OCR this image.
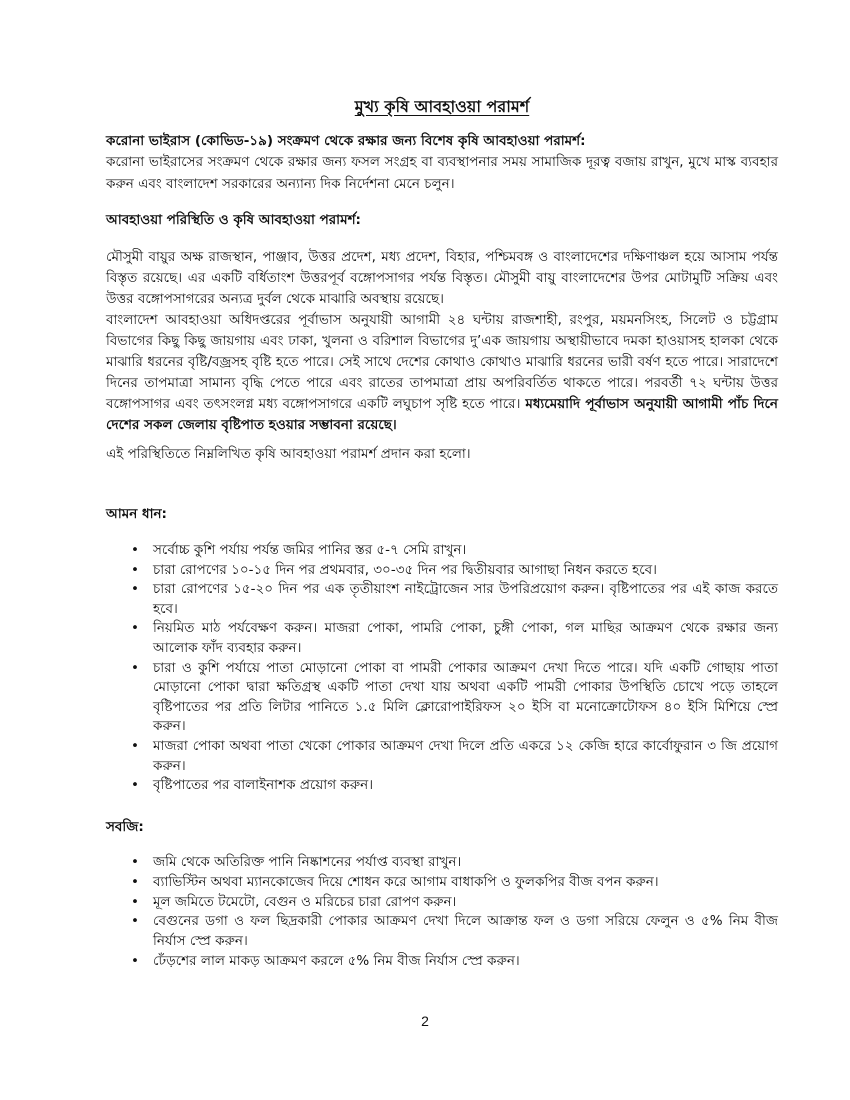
মুখ্য কৃষি আবহাওয়া পরামর্শ
করোনা ভাইরাস (কোভিড-১৯) সংক্রমণ থেকে রক্ষার জন্য বিশেষ কৃষি আবহাওয়া পরামর্শ:
করোনা ভাইরাসের সংক্রমণ থেকে রক্ষার জন্য ফসল সংগ্রহ বা ব্যবস্থাপনার সময় সামাজিক দূরত্ব বজায় রাখুন, মুখে মাস্ক ব্যবহার করুন এবং বাংলাদেশ সরকারের অন্যান্য দিক নির্দেশনা মেনে চলুন।
আবহাওয়া পরিস্থিতি ও কৃষি আবহাওয়া পরামর্শ:

মৌসুমী বায়ুর অক্ষ রাজস্থান, পাঞ্জাব, উত্তর প্রদেশ, মধ্য প্রদেশ, বিহার, পশ্চিমবঙ্গ ও বাংলাদেশের দক্ষিণাঞ্চল হয়ে আসাম পর্যন্ত বিস্তৃত রয়েছে। এর একটি বর্ধিতাংশ উত্তরপূর্ব বঙ্গোপসাগর পর্যন্ত বিস্তৃত। মৌসুমী বায়ু বাংলাদেশের উপর মোটামুটি সক্রিয় এবং উত্তর বঙ্গোপসাগরের অন্যত্র দুর্বল থেকে মাঝারি অবস্থায় রয়েছে।

বাংলাদেশ আবহাওয়া অধিদপ্তরের পূর্বাভাস অনুযায়ী আগামী ২৪ ঘন্টায় রাজশাহী, রংপুর, ময়মনসিংহ, সিলেট ও চট্টগ্রাম বিভাগের কিছু কিছু জায়গায় এবং ঢাকা, খুলনা ও বরিশাল বিভাগের দু’এক জায়গায় অস্থায়ীভাবে দমকা হাওয়াসহ হালকা থেকে মাঝারি ধরনের বৃষ্টি/বজ্রসহ বৃষ্টি হতে পারে। সেই সাথে দেশের কোথাও কোথাও মাঝারি ধরনের ভারী বর্ষণ হতে পারে। সারাদেশে দিনের তাপমাত্রা সামান্য বৃদ্ধি পেতে পারে এবং রাতের তাপমাত্রা প্রায় অপরিবর্তিত থাকতে পারে। পরবর্তী ৭২ ঘন্টায় উত্তর বঙ্গোপসাগর এবং তৎসংলগ্ন মধ্য বঙ্গোপসাগরে একটি লঘুচাপ সৃষ্টি হতে পারে। মধ্যমেয়াদি পূর্বাভাস অনুযায়ী আগামী পাঁচ দিনে দেশের সকল জেলায় বৃষ্টিপাত হওয়ার সম্ভাবনা রয়েছে।

এই পরিস্থিতিতে নিম্নলিখিত কৃষি আবহাওয়া পরামর্শ প্রদান করা হলো।
আমন ধান:
• সর্বোচ্চ কুশি পর্যায় পর্যন্ত জমির পানির স্তর ৫-৭ সেমি রাখুন।
• চারা রোপণের ১০-১৫ দিন পর প্রথমবার, ৩০-৩৫ দিন পর দ্বিতীয়বার আগাছা নিধন করতে হবে।
• চারা রোপণের ১৫-২০ দিন পর এক তৃতীয়াংশ নাইট্রোজেন সার উপরিপ্রয়োগ করুন। বৃষ্টিপাতের পর এই কাজ করতে হবে।
• নিয়মিত মাঠ পর্যবেক্ষণ করুন। মাজরা পোকা, পামরি পোকা, চুঙ্গী পোকা, গল মাছির আক্রমণ থেকে রক্ষার জন্য আলোক ফাঁদ ব্যবহার করুন।
• চারা ও কুশি পর্যায়ে পাতা মোড়ানো পোকা বা পামরী পোকার আক্রমণ দেখা দিতে পারে। যদি একটি গোছায় পাতা মোড়ানো পোকা দ্বারা ক্ষতিগ্রস্থ একটি পাতা দেখা যায় অথবা একটি পামরী পোকার উপস্থিতি চোখে পড়ে তাহলে বৃষ্টিপাতের পর প্রতি লিটার পানিতে ১.৫ মিলি ক্লোরোপাইরিফস ২০ ইসি বা মনোক্রোটোফস ৪০ ইসি মিশিয়ে স্প্রে করুন।
• মাজরা পোকা অথবা পাতা খেকো পোকার আক্রমণ দেখা দিলে প্রতি একরে ১২ কেজি হারে কার্বোফুরান ৩ জি প্রয়োগ করুন।
• বৃষ্টিপাতের পর বালাইনাশক প্রয়োগ করুন।
সবজি:
• জমি থেকে অতিরিক্ত পানি নিষ্কাশনের পর্যাপ্ত ব্যবস্থা রাখুন।
• ব্যাভিস্টিন অথবা ম্যানকোজেব দিয়ে শোধন করে আগাম বাধাকপি ও ফুলকপির বীজ বপন করুন।
• মূল জমিতে টমেটো, বেগুন ও মরিচের চারা রোপণ করুন।
• বেগুনের ডগা ও ফল ছিদ্রকারী পোকার আক্রমণ দেখা দিলে আক্রান্ত ফল ও ডগা সরিয়ে ফেলুন ও ৫% নিম বীজ নির্যাস স্প্রে করুন।
• ঢেঁড়শের লাল মাকড় আক্রমণ করলে ৫% নিম বীজ নির্যাস স্প্রে করুন।
2
